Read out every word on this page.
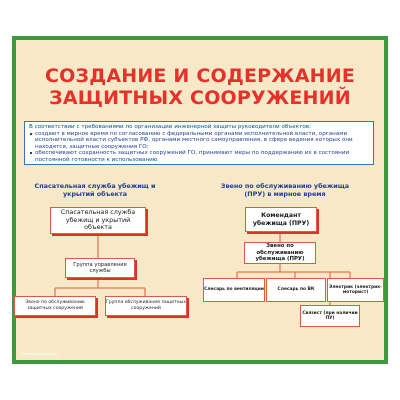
СОЗДАНИЕ И СОДЕРЖАНИЕ
ЗАЩИТНЫХ СООРУЖЕНИЙ

В соответствии с требованиями по организации инженерной защиты руководители объектов:

создают в мирное время по согласованию с федеральными органами исполнительной власти, органами исполнительной власти субъектов РФ, органами местного самоуправления, в сфере ведения которых они находятся, защитные сооружения ГО;
обеспечивают сохранность защитных сооружений ГО, принимают меры по поддержанию их в состоянии постоянной готовности к использованию
Спасательная служба убежищ и укрытий объекта
Спасательная служба убежищ и укрытий объекта
Группа управления службы
Звено по обслуживанию защитных сооружений
Группа обслуживания защитных сооружений
Звено по обслуживанию убежища (ПРУ) в мирное время
Комендант убежища (ПРУ)
Звено по обслуживанию убежища (ПРУ)
Слесарь по вентиляции	Слесарь по ВК
Электрик (электрик-моторист)
Связист (при наличии ПУ)
«Наглядные пособия»
